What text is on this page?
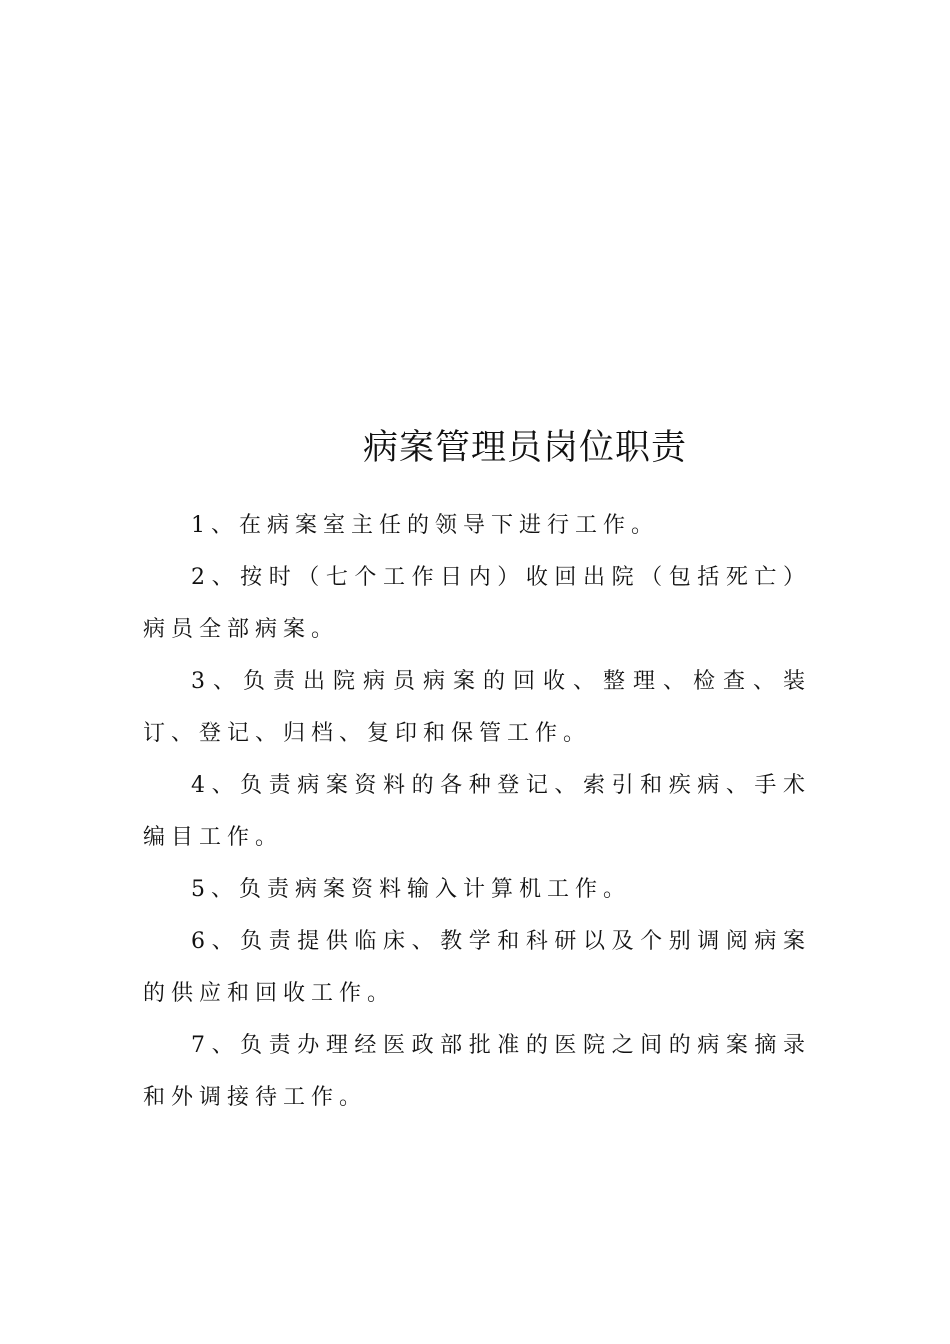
病案管理员岗位职责

1、在病案室主任的领导下进行工作。

2、按时（七个工作日内）收回出院（包括死亡）病员全部病案。

3、负责出院病员病案的回收、整理、检查、装订、登记、归档、复印和保管工作。

4、负责病案资料的各种登记、索引和疾病、手术编目工作。

5、负责病案资料输入计算机工作。

6、负责提供临床、教学和科研以及个别调阅病案的供应和回收工作。

7、负责办理经医政部批准的医院之间的病案摘录和外调接待工作。
